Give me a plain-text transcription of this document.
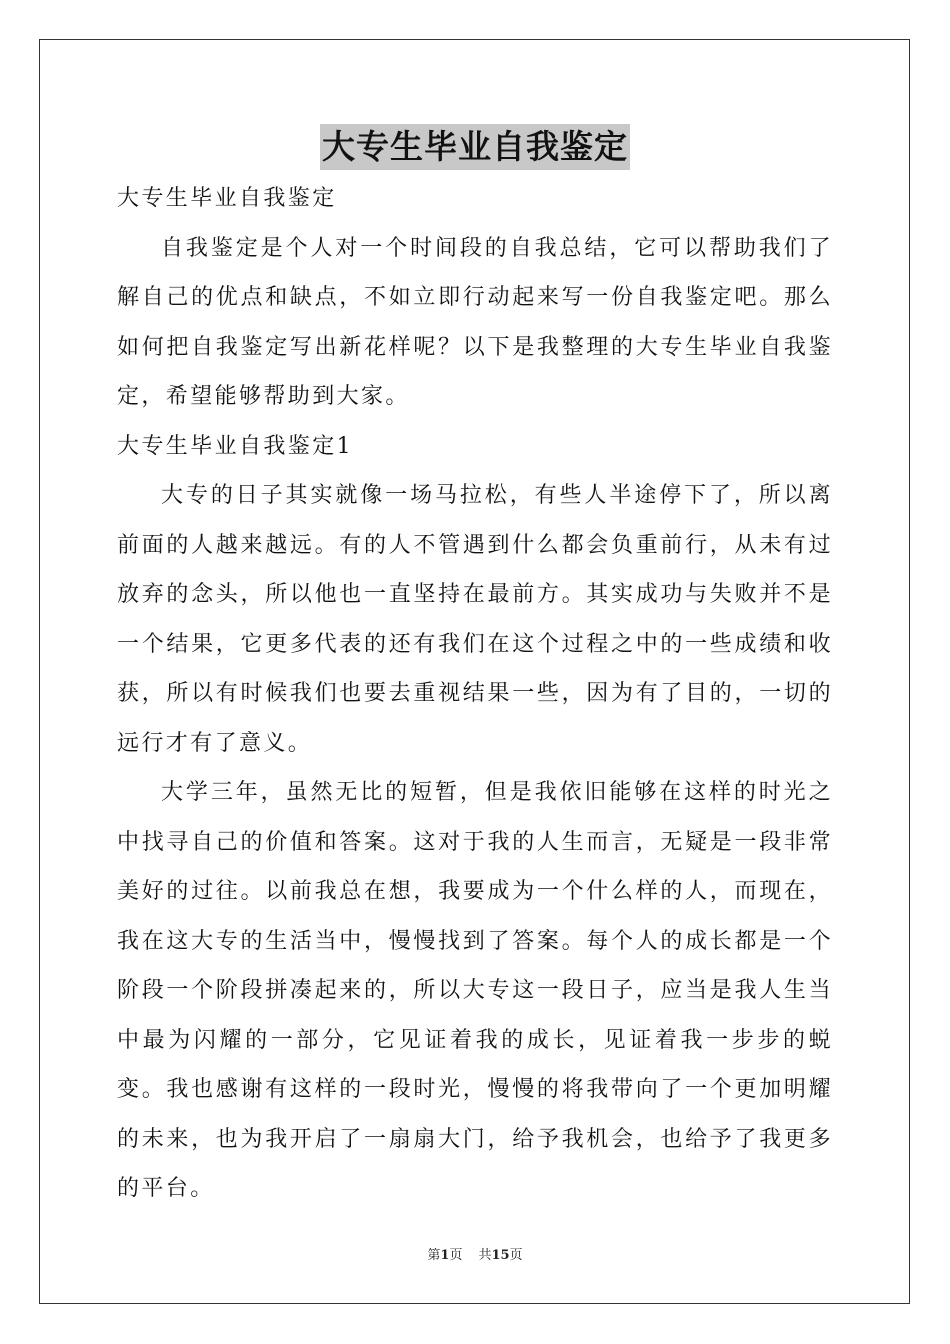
大专生毕业自我鉴定

大专生毕业自我鉴定

自我鉴定是个人对一个时间段的自我总结，它可以帮助我们了解自己的优点和缺点，不如立即行动起来写一份自我鉴定吧。那么如何把自我鉴定写出新花样呢？以下是我整理的大专生毕业自我鉴定，希望能够帮助到大家。

大专生毕业自我鉴定1

大专的日子其实就像一场马拉松，有些人半途停下了，所以离前面的人越来越远。有的人不管遇到什么都会负重前行，从未有过放弃的念头，所以他也一直坚持在最前方。其实成功与失败并不是一个结果，它更多代表的还有我们在这个过程之中的一些成绩和收获，所以有时候我们也要去重视结果一些，因为有了目的，一切的远行才有了意义。

大学三年，虽然无比的短暂，但是我依旧能够在这样的时光之中找寻自己的价值和答案。这对于我的人生而言，无疑是一段非常美好的过往。以前我总在想，我要成为一个什么样的人，而现在，我在这大专的生活当中，慢慢找到了答案。每个人的成长都是一个阶段一个阶段拼凑起来的，所以大专这一段日子，应当是我人生当中最为闪耀的一部分，它见证着我的成长，见证着我一步步的蜕变。我也感谢有这样的一段时光，慢慢的将我带向了一个更加明耀的未来，也为我开启了一扇扇大门，给予我机会，也给予了我更多的平台。

第1页 共15页
